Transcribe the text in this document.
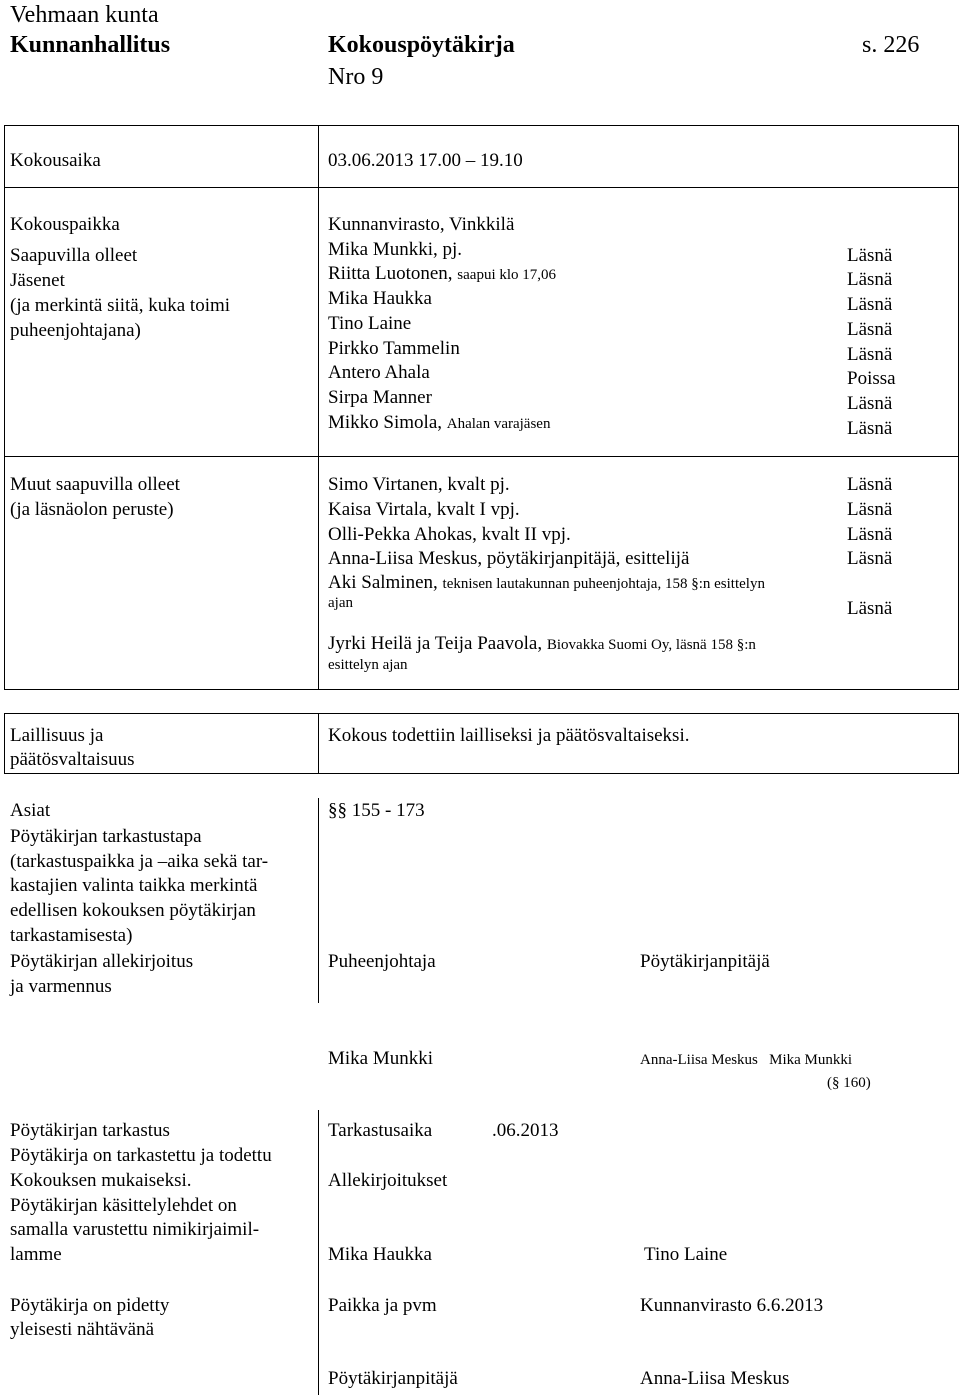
Vehmaan kunta
Kunnanhallitus	Kokouspöytäkirja	s. 226
Nro 9
Kokousaika	03.06.2013 17.00 – 19.10
Kokouspaikka	Kunnanvirasto, Vinkkilä
Saapuvilla olleet
Jäsenet
(ja merkintä siitä, kuka toimi
puheenjohtajana)
Mika Munkki, pj.	Läsnä
Riitta Luotonen, saapui klo 17,06	Läsnä
Mika Haukka	Läsnä
Tino Laine	Läsnä
Pirkko Tammelin	Läsnä
Antero Ahala	Poissa
Sirpa Manner	Läsnä
Mikko Simola, Ahalan varajäsen	Läsnä
Muut saapuvilla olleet
(ja läsnäolon peruste)
Simo Virtanen, kvalt pj.	Läsnä
Kaisa Virtala, kvalt I vpj.	Läsnä
Olli-Pekka Ahokas, kvalt II vpj.	Läsnä
Anna-Liisa Meskus, pöytäkirjanpitäjä, esittelijä	Läsnä
Aki Salminen, teknisen lautakunnan puheenjohtaja, 158 §:n esittelyn
ajan	Läsnä
Jyrki Heilä ja Teija Paavola, Biovakka Suomi Oy, läsnä 158 §:n
esittelyn ajan
Laillisuus ja
päätösvaltaisuus
Kokous todettiin lailliseksi ja päätösvaltaiseksi.
Asiat	§§ 155 - 173
Pöytäkirjan tarkastustapa
(tarkastuspaikka ja –aika sekä tar-
kastajien valinta taikka merkintä
edellisen kokouksen pöytäkirjan
tarkastamisesta)
Pöytäkirjan allekirjoitus
ja varmennus
Puheenjohtaja	Pöytäkirjanpitäjä
Mika Munkki	Anna-Liisa Meskus   Mika Munkki
(§ 160)
Pöytäkirjan tarkastus
Pöytäkirja on tarkastettu ja todettu
Kokouksen mukaiseksi.
Pöytäkirjan käsittelylehdet on
samalla varustettu nimikirjaimil-
lamme
Tarkastusaika	.06.2013
Allekirjoitukset
Mika Haukka	Tino Laine
Pöytäkirja on pidetty
yleisesti nähtävänä
Paikka ja pvm	Kunnanvirasto 6.6.2013
Pöytäkirjanpitäjä	Anna-Liisa Meskus
